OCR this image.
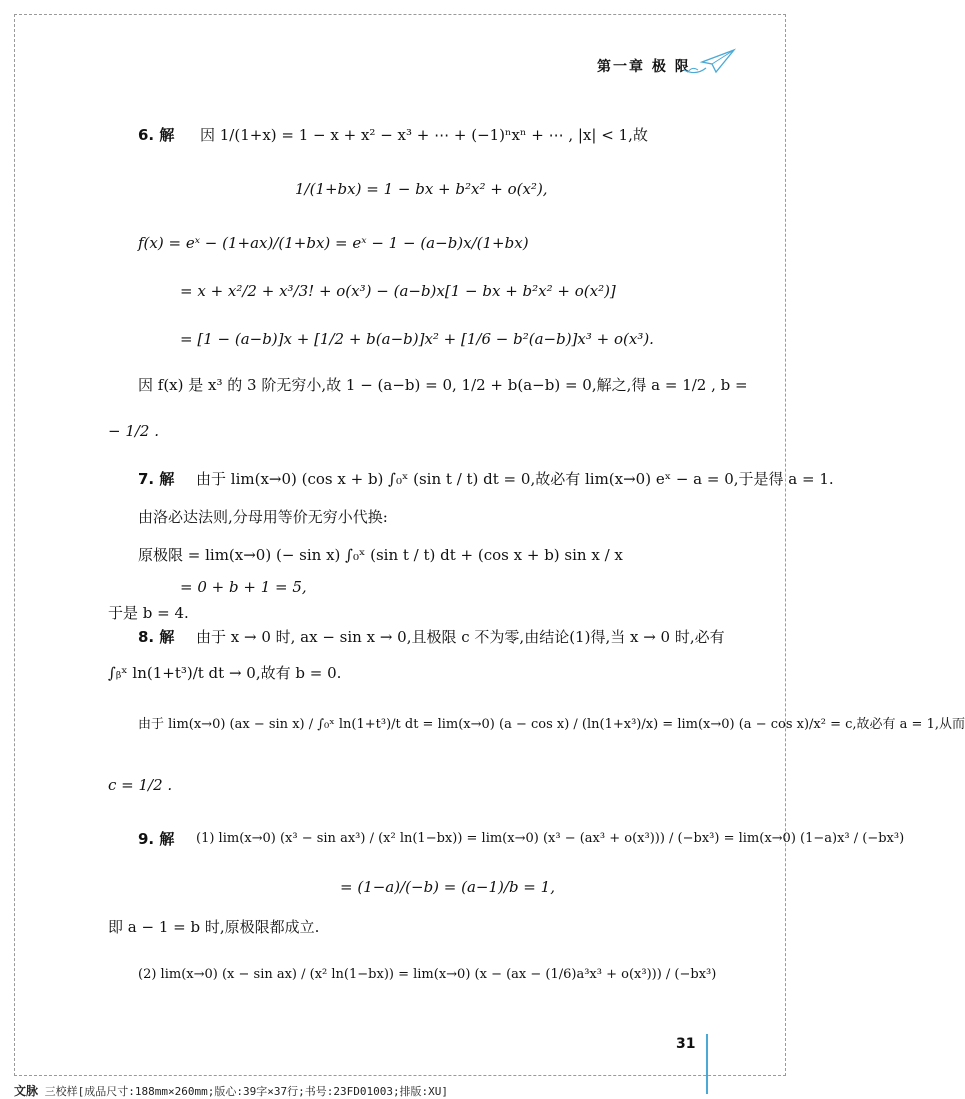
第一章 极 限
6. 解 因 1/(1+x) = 1 − x + x² − x³ + ⋯ + (−1)ⁿxⁿ + ⋯ , |x| < 1,故
1/(1+bx) = 1 − bx + b²x² + o(x²),
f(x) = eˣ − (1+ax)/(1+bx) = eˣ − 1 − (a−b)x/(1+bx)
= x + x²/2 + x³/3! + o(x³) − (a−b)x[1 − bx + b²x² + o(x²)]
= [1 − (a−b)]x + [1/2 + b(a−b)]x² + [1/6 − b²(a−b)]x³ + o(x³).
因 f(x) 是 x³ 的 3 阶无穷小,故 1 − (a−b) = 0, 1/2 + b(a−b) = 0,解之,得 a = 1/2 , b =
− 1/2 .
7. 解 由于 lim(x→0) (cos x + b) ∫₀ˣ (sin t / t) dt = 0,故必有 lim(x→0) eˣ − a = 0,于是得 a = 1.
由洛必达法则,分母用等价无穷小代换:
原极限 = lim(x→0) (− sin x) ∫₀ˣ (sin t / t) dt + (cos x + b) sin x / x
= 0 + b + 1 = 5,
于是 b = 4.
8. 解 由于 x → 0 时, ax − sin x → 0,且极限 c 不为零,由结论(1)得,当 x → 0 时,必有
∫ᵦˣ ln(1+t³)/t dt → 0,故有 b = 0.
由于 lim(x→0) (ax − sin x) / ∫₀ˣ ln(1+t³)/t dt = lim(x→0) (a − cos x) / (ln(1+x³)/x) = lim(x→0) (a − cos x)/x² = c,故必有 a = 1,从而
c = 1/2 .
9. 解 (1) lim(x→0) (x³ − sin ax³) / (x² ln(1−bx)) = lim(x→0) (x³ − (ax³ + o(x³))) / (−bx³) = lim(x→0) (1−a)x³ / (−bx³)
= (1−a)/(−b) = (a−1)/b = 1,
即 a − 1 = b 时,原极限都成立.
(2) lim(x→0) (x − sin ax) / (x² ln(1−bx)) = lim(x→0) (x − (ax − (1/6)a³x³ + o(x³))) / (−bx³)
31
文脉 三校样[成品尺寸:188mm×260mm;版心:39字×37行;书号:23FD01003;排版:XU]
